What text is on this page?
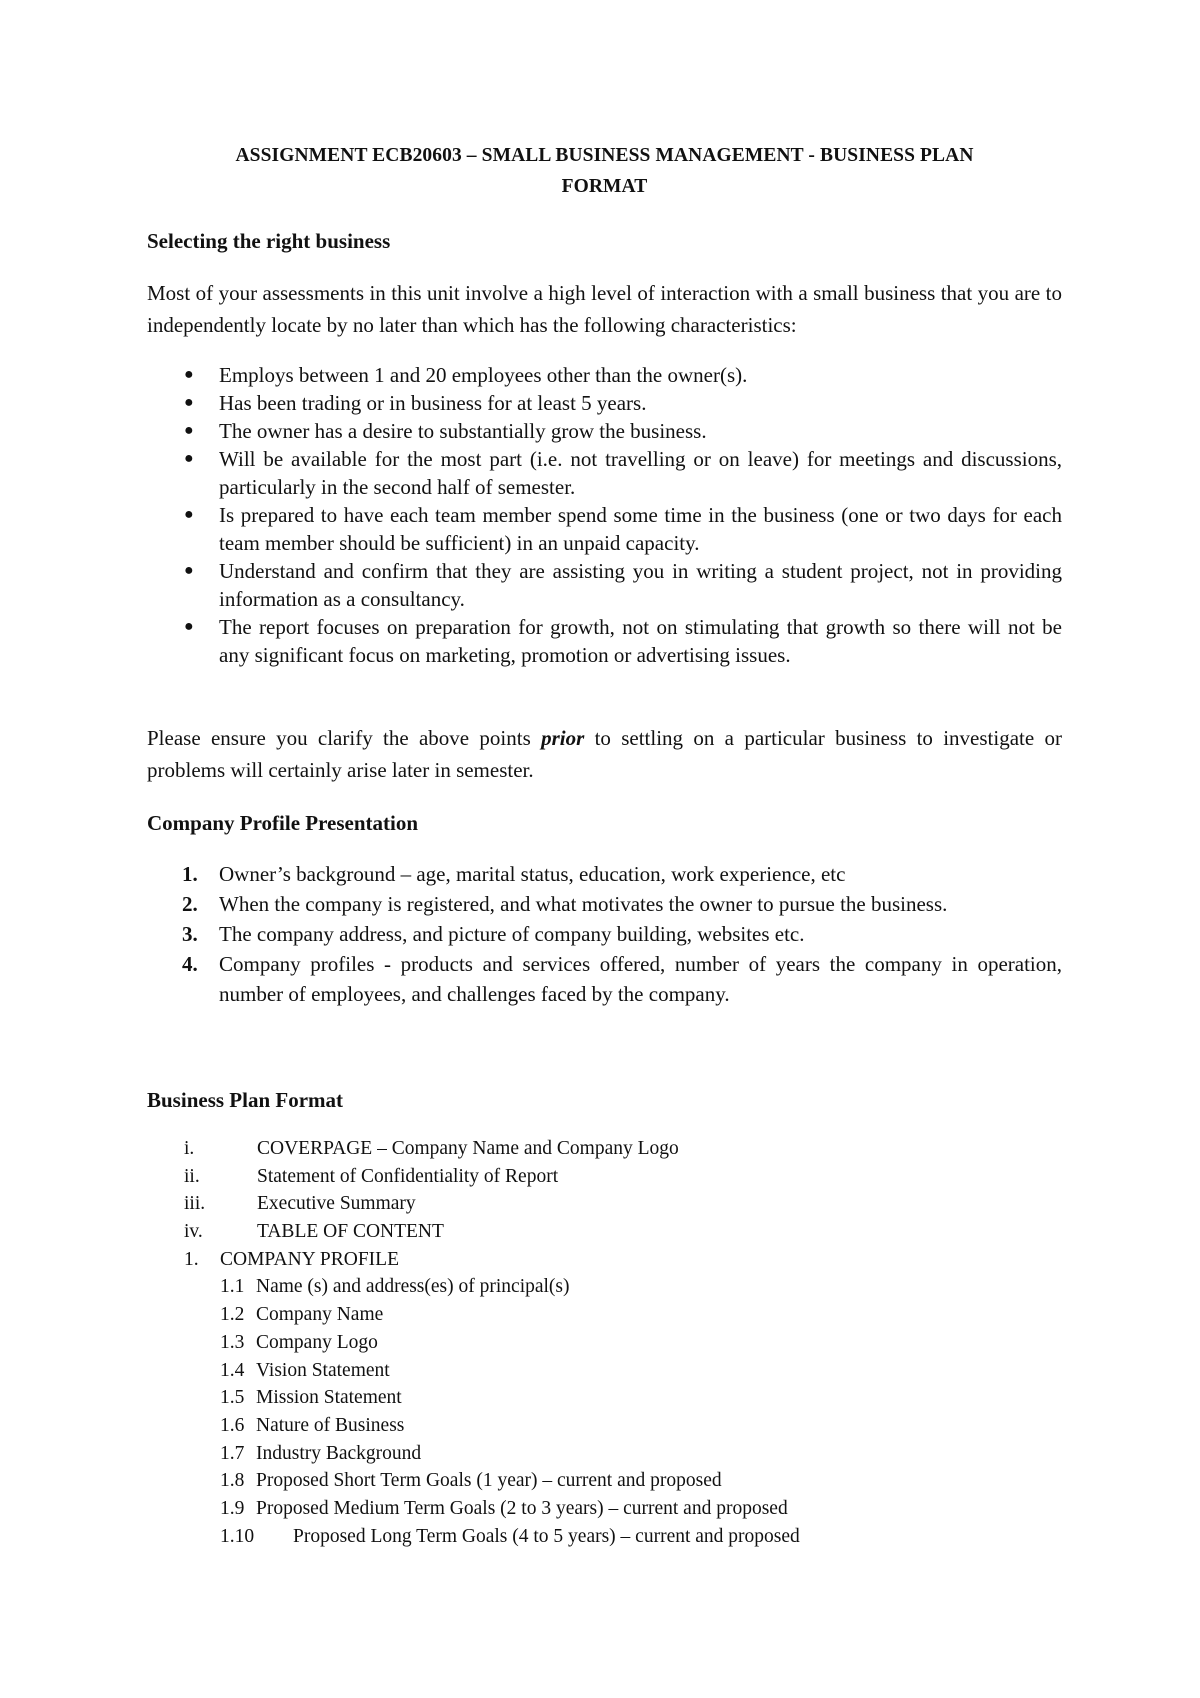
ASSIGNMENT ECB20603 – SMALL BUSINESS MANAGEMENT - BUSINESS PLAN
FORMAT
Selecting the right business
Most of your assessments in this unit involve a high level of interaction with a small business that you are to independently locate by no later than which has the following characteristics:
● Employs between 1 and 20 employees other than the owner(s).
● Has been trading or in business for at least 5 years.
● The owner has a desire to substantially grow the business.
● Will be available for the most part (i.e. not travelling or on leave) for meetings and discussions, particularly in the second half of semester.
● Is prepared to have each team member spend some time in the business (one or two days for each team member should be sufficient) in an unpaid capacity.
● Understand and confirm that they are assisting you in writing a student project, not in providing information as a consultancy.
● The report focuses on preparation for growth, not on stimulating that growth so there will not be any significant focus on marketing, promotion or advertising issues.
Please ensure you clarify the above points prior to settling on a particular business to investigate or problems will certainly arise later in semester.
Company Profile Presentation
1. Owner’s background – age, marital status, education, work experience, etc
2. When the company is registered, and what motivates the owner to pursue the business.
3. The company address, and picture of company building, websites etc.
4. Company profiles - products and services offered, number of years the company in operation, number of employees, and challenges faced by the company.
Business Plan Format
i.	COVERPAGE – Company Name and Company Logo
ii.	Statement of Confidentiality of Report
iii.	Executive Summary
iv.	TABLE OF CONTENT
1. COMPANY PROFILE
1.1 Name (s) and address(es) of principal(s)
1.2 Company Name
1.3 Company Logo
1.4 Vision Statement
1.5 Mission Statement
1.6 Nature of Business
1.7 Industry Background
1.8 Proposed Short Term Goals (1 year) – current and proposed
1.9 Proposed Medium Term Goals (2 to 3 years) – current and proposed
1.10 Proposed Long Term Goals (4 to 5 years) – current and proposed
